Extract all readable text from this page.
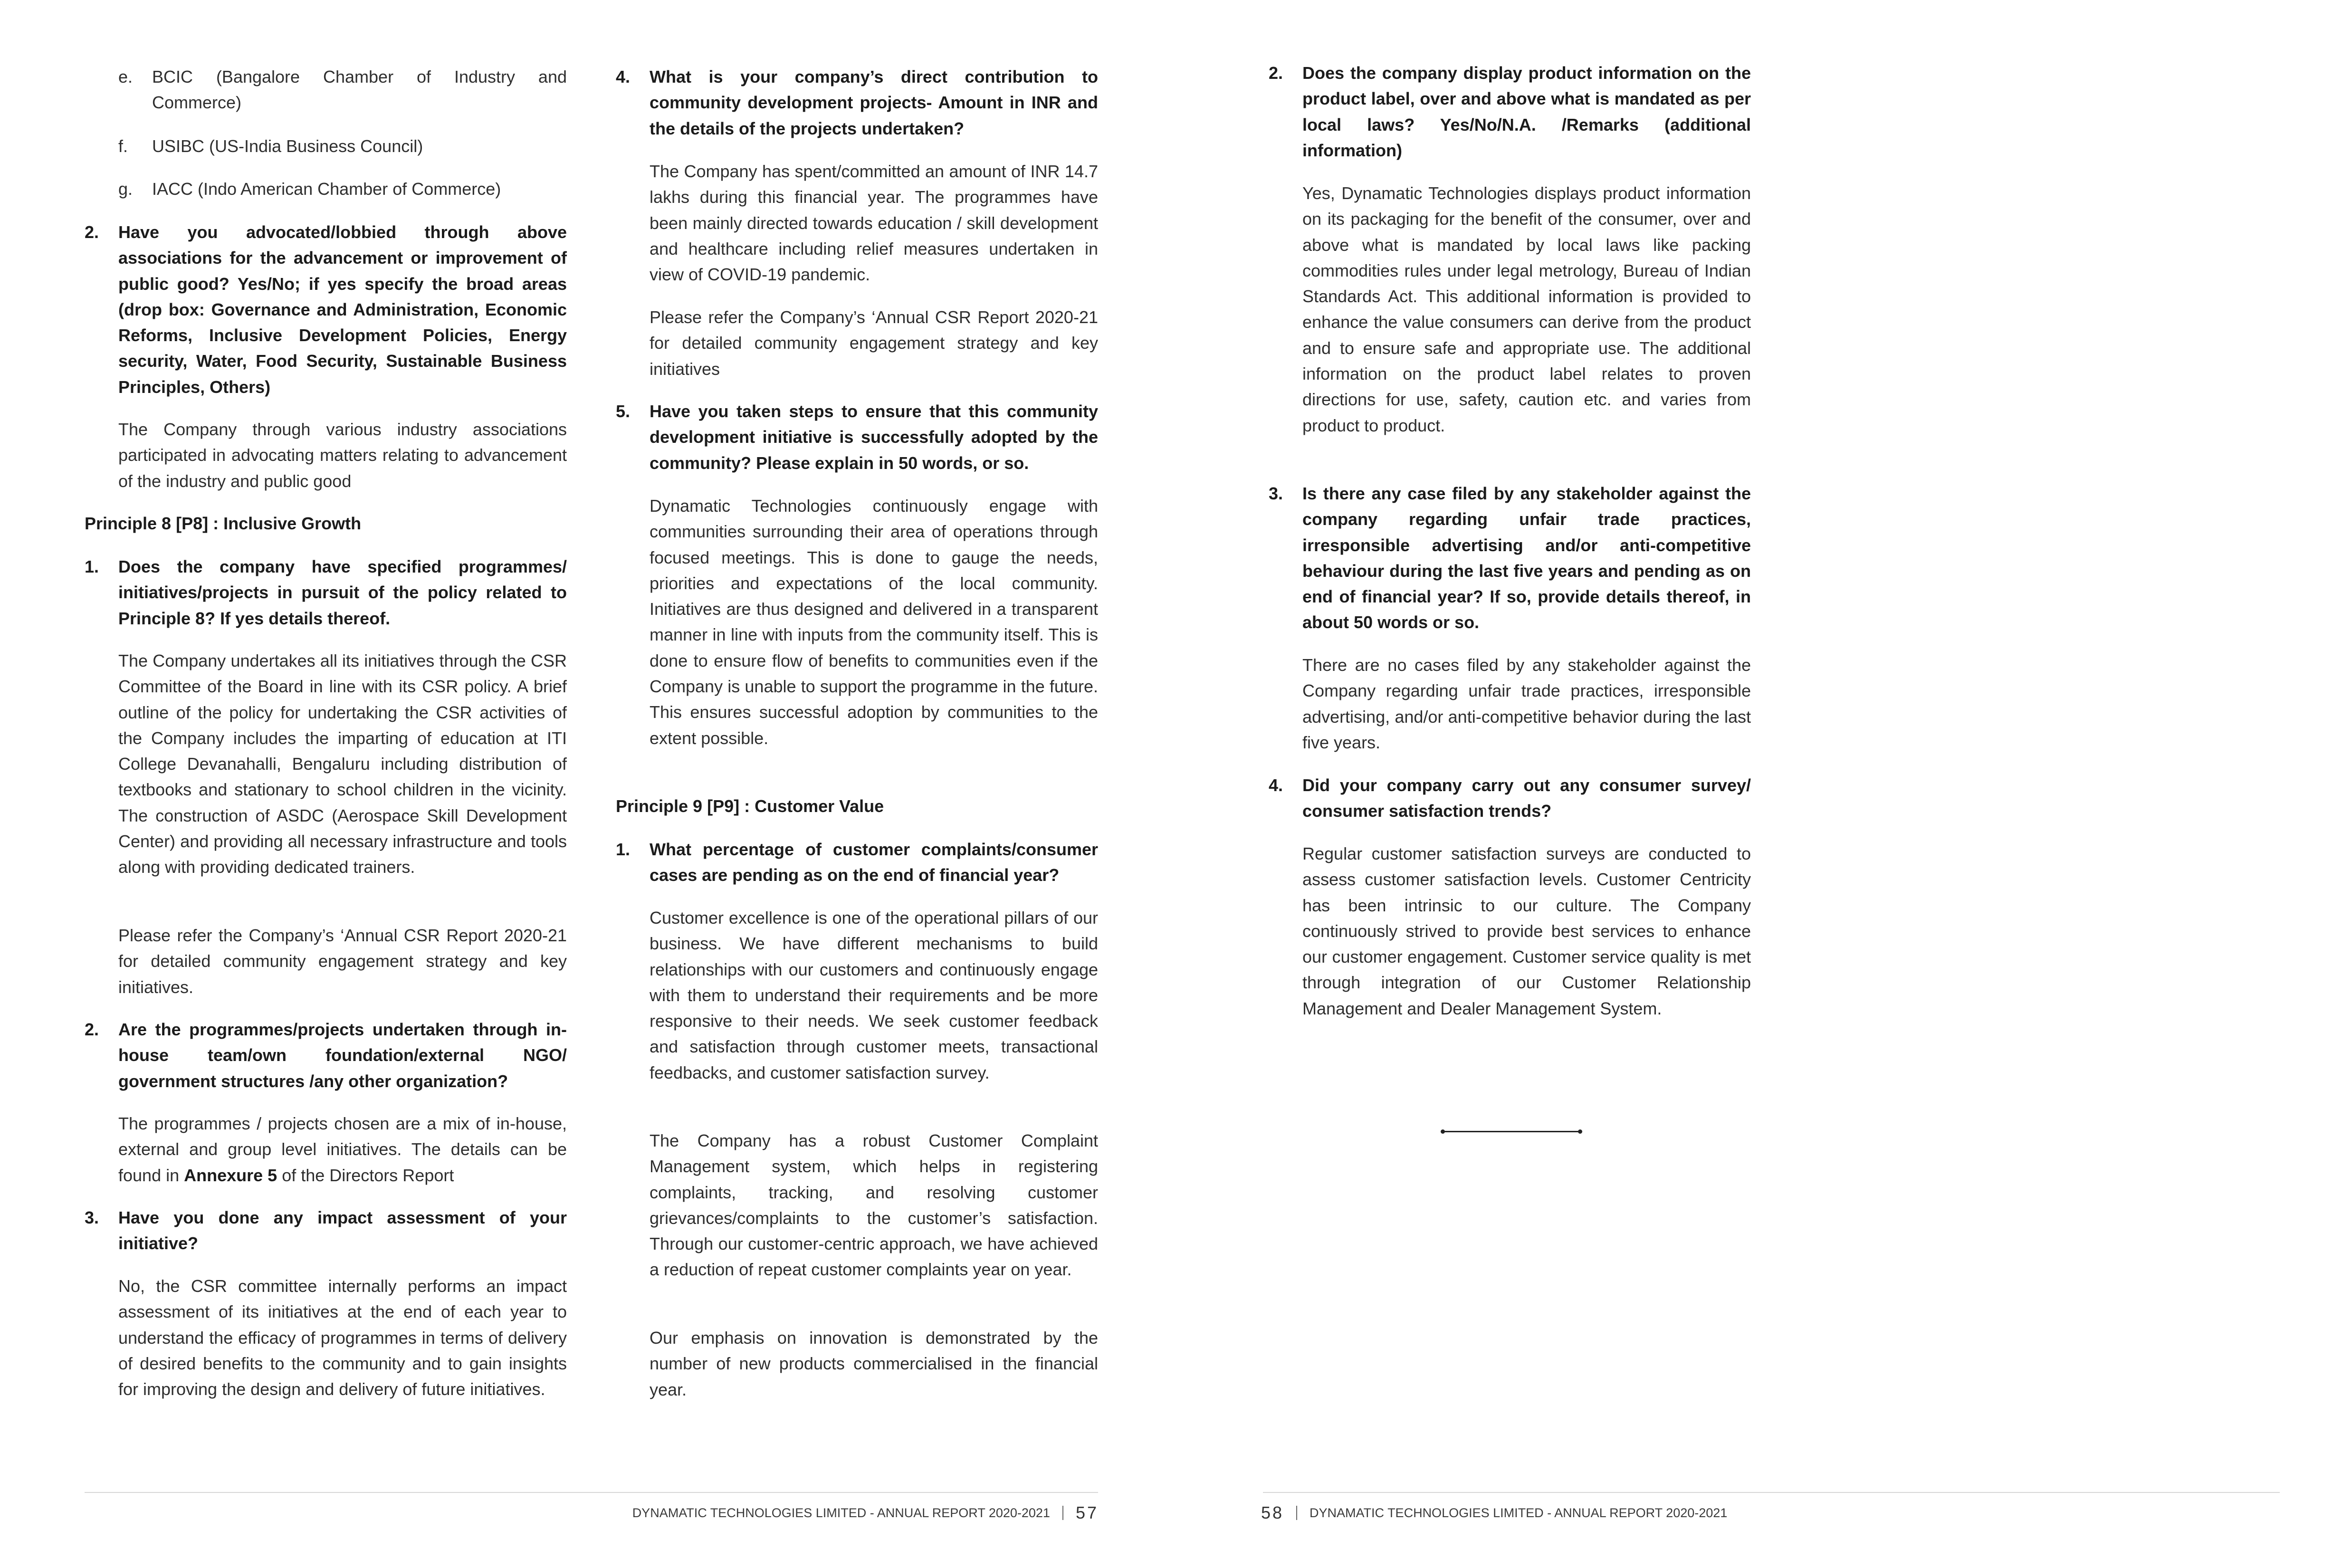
e. BCIC (Bangalore Chamber of Industry and Commerce)
f. USIBC (US-India Business Council)
g. IACC (Indo American Chamber of Commerce)
2. Have you advocated/lobbied through above associations for the advancement or improvement of public good? Yes/No; if yes specify the broad areas (drop box: Governance and Administration, Economic Reforms, Inclusive Development Policies, Energy security, Water, Food Security, Sustainable Business Principles, Others)

The Company through various industry associations participated in advocating matters relating to advancement of the industry and public good

Principle 8 [P8] : Inclusive Growth

1. Does the company have specified programmes/ initiatives/projects in pursuit of the policy related to Principle 8? If yes details thereof.

The Company undertakes all its initiatives through the CSR Committee of the Board in line with its CSR policy. A brief outline of the policy for undertaking the CSR activities of the Company includes the imparting of education at ITI College Devanahalli, Bengaluru including distribution of textbooks and stationary to school children in the vicinity. The construction of ASDC (Aerospace Skill Development Center) and providing all necessary infrastructure and tools along with providing dedicated trainers.

Please refer the Company’s ‘Annual CSR Report 2020-21 for detailed community engagement strategy and key initiatives.

2. Are the programmes/projects undertaken through in-house team/own foundation/external NGO/ government structures /any other organization?

The programmes / projects chosen are a mix of in-house, external and group level initiatives. The details can be found in Annexure 5 of the Directors Report

3. Have you done any impact assessment of your initiative?

No, the CSR committee internally performs an impact assessment of its initiatives at the end of each year to understand the efficacy of programmes in terms of delivery of desired benefits to the community and to gain insights for improving the design and delivery of future initiatives.

4. What is your company’s direct contribution to community development projects- Amount in INR and the details of the projects undertaken?

The Company has spent/committed an amount of INR 14.7 lakhs during this financial year. The programmes have been mainly directed towards education / skill development and healthcare including relief measures undertaken in view of COVID-19 pandemic.

Please refer the Company’s ‘Annual CSR Report 2020-21 for detailed community engagement strategy and key initiatives

5. Have you taken steps to ensure that this community development initiative is successfully adopted by the community? Please explain in 50 words, or so.

Dynamatic Technologies continuously engage with communities surrounding their area of operations through focused meetings. This is done to gauge the needs, priorities and expectations of the local community. Initiatives are thus designed and delivered in a transparent manner in line with inputs from the community itself. This is done to ensure flow of benefits to communities even if the Company is unable to support the programme in the future. This ensures successful adoption by communities to the extent possible.

Principle 9 [P9] : Customer Value

1. What percentage of customer complaints/consumer cases are pending as on the end of financial year?

Customer excellence is one of the operational pillars of our business. We have different mechanisms to build relationships with our customers and continuously engage with them to understand their requirements and be more responsive to their needs. We seek customer feedback and satisfaction through customer meets, transactional feedbacks, and customer satisfaction survey.

The Company has a robust Customer Complaint Management system, which helps in registering complaints, tracking, and resolving customer grievances/complaints to the customer’s satisfaction. Through our customer-centric approach, we have achieved a reduction of repeat customer complaints year on year.

Our emphasis on innovation is demonstrated by the number of new products commercialised in the financial year.

2. Does the company display product information on the product label, over and above what is mandated as per local laws? Yes/No/N.A. /Remarks (additional information)

Yes, Dynamatic Technologies displays product information on its packaging for the benefit of the consumer, over and above what is mandated by local laws like packing commodities rules under legal metrology, Bureau of Indian Standards Act. This additional information is provided to enhance the value consumers can derive from the product and to ensure safe and appropriate use. The additional information on the product label relates to proven directions for use, safety, caution etc. and varies from product to product.

3. Is there any case filed by any stakeholder against the company regarding unfair trade practices, irresponsible advertising and/or anti-competitive behaviour during the last five years and pending as on end of financial year? If so, provide details thereof, in about 50 words or so.

There are no cases filed by any stakeholder against the Company regarding unfair trade practices, irresponsible advertising, and/or anti-competitive behavior during the last five years.

4. Did your company carry out any consumer survey/ consumer satisfaction trends?

Regular customer satisfaction surveys are conducted to assess customer satisfaction levels. Customer Centricity has been intrinsic to our culture. The Company continuously strived to provide best services to enhance our customer engagement. Customer service quality is met through integration of our Customer Relationship Management and Dealer Management System.

DYNAMATIC TECHNOLOGIES LIMITED - ANNUAL REPORT 2020-2021 57	58 DYNAMATIC TECHNOLOGIES LIMITED - ANNUAL REPORT 2020-2021
